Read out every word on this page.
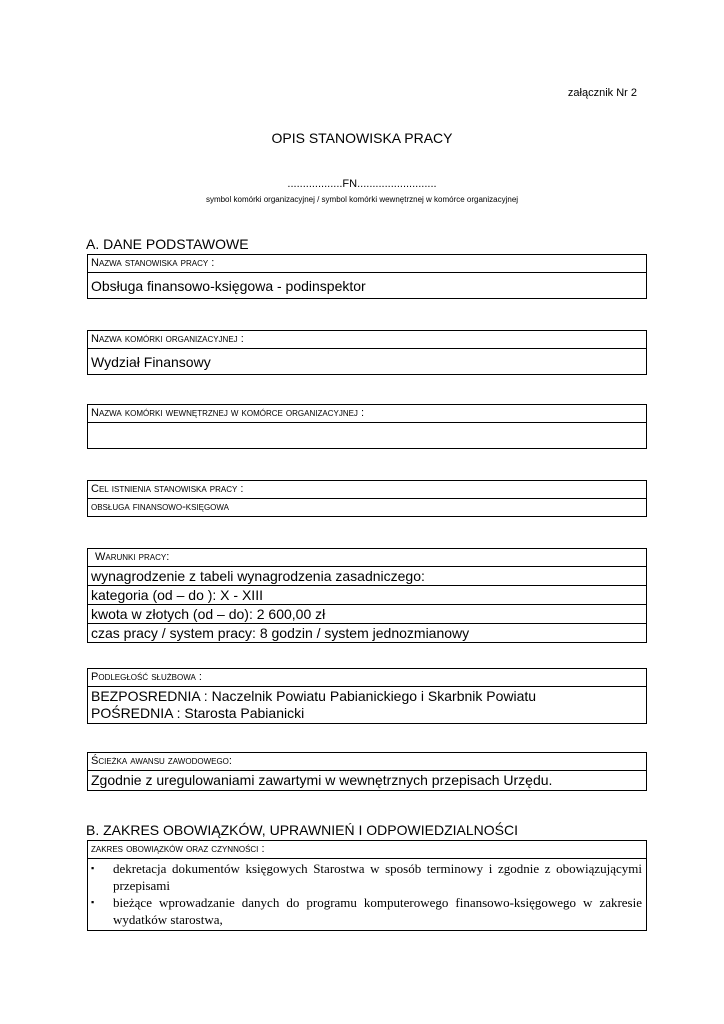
załącznik Nr 2
OPIS STANOWISKA PRACY
..................FN..........................
symbol komórki organizacyjnej / symbol komórki wewnętrznej w komórce organizacyjnej
A. DANE PODSTAWOWE
Nazwa stanowiska pracy :
Obsługa finansowo-księgowa - podinspektor
Nazwa komórki organizacyjnej :
Wydział Finansowy
Nazwa komórki wewnętrznej w komórce organizacyjnej :
Cel istnienia stanowiska pracy :
obsługa finansowo-księgowa
Warunki pracy:
wynagrodzenie z tabeli wynagrodzenia zasadniczego:
kategoria (od – do ): X - XIII
kwota w złotych (od – do): 2 600,00 zł
czas pracy / system pracy: 8 godzin / system jednozmianowy
Podległość służbowa :
BEZPOSREDNIA : Naczelnik Powiatu Pabianickiego i Skarbnik Powiatu
POŚREDNIA : Starosta Pabianicki
Ścieżka awansu zawodowego:
Zgodnie z uregulowaniami zawartymi w wewnętrznych przepisach Urzędu.
B. ZAKRES OBOWIĄZKÓW, UPRAWNIEŃ I ODPOWIEDZIALNOŚCI
zakres obowiązków oraz czynności :
▪	dekretacja dokumentów księgowych Starostwa w sposób terminowy i zgodnie z obowiązującymi przepisami
▪	bieżące wprowadzanie danych do programu komputerowego finansowo-księgowego w zakresie wydatków starostwa,
